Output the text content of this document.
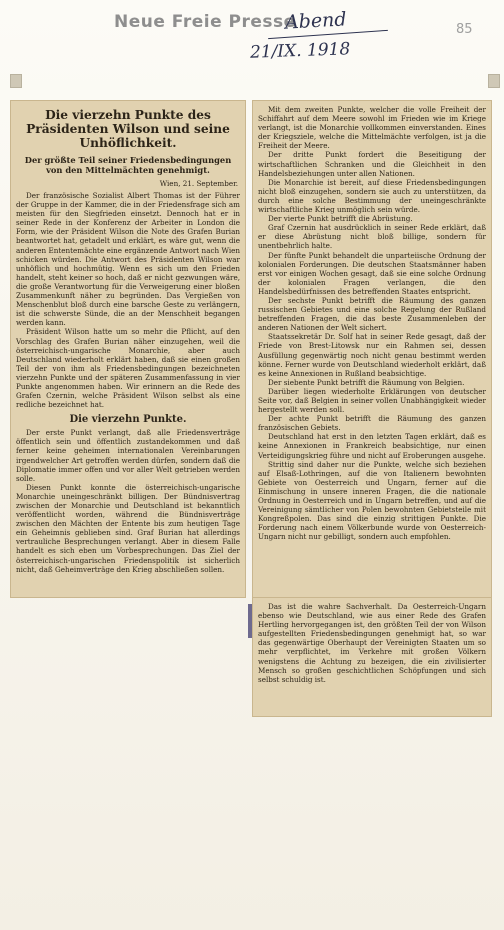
Neue Freie Presse
Abend
21/IX. 1918
85
Die vierzehn Punkte des Präsidenten Wilson und seine Unhöflichkeit.
Der größte Teil seiner Friedensbedingungen von den Mittelmächten genehmigt.
Wien, 21. September.

Der französische Sozialist Albert Thomas ist der Führer der Gruppe in der Kammer, die in der Friedensfrage sich am meisten für den Siegfrieden einsetzt. Dennoch hat er in seiner Rede in der Konferenz der Arbeiter in London die Form, wie der Präsident Wilson die Note des Grafen Burian beantwortet hat, getadelt und erklärt, es wäre gut, wenn die anderen Ententemächte eine ergänzende Antwort nach Wien schicken würden. Die Antwort des Präsidenten Wilson war unhöflich und hochmütig. Wenn es sich um den Frieden handelt, steht keiner so hoch, daß er nicht gezwungen wäre, die große Verantwortung für die Verweigerung einer bloßen Zusammenkunft näher zu begründen. Das Vergießen von Menschenblut bloß durch eine barsche Geste zu verlängern, ist die schwerste Sünde, die an der Menschheit begangen werden kann.

Präsident Wilson hatte um so mehr die Pflicht, auf den Vorschlag des Grafen Burian näher einzugehen, weil die österreichisch-ungarische Monarchie, aber auch Deutschland wiederholt erklärt haben, daß sie einen großen Teil der von ihm als Friedensbedingungen bezeichneten vierzehn Punkte und der späteren Zusammenfassung in vier Punkte angenommen haben. Wir erinnern an die Rede des Grafen Czernin, welche Präsident Wilson selbst als eine redliche bezeichnet hat.

Die vierzehn Punkte.

Der erste Punkt verlangt, daß alle Friedensverträge öffentlich sein und öffentlich zustandekommen und daß ferner keine geheimen internationalen Vereinbarungen irgendwelcher Art getroffen werden dürfen, sondern daß die Diplomatie immer offen und vor aller Welt getrieben werden solle.

Diesen Punkt konnte die österreichisch-ungarische Monarchie uneingeschränkt billigen. Der Bündnisvertrag zwischen der Monarchie und Deutschland ist bekanntlich veröffentlicht worden, während die Bündnisverträge zwischen den Mächten der Entente bis zum heutigen Tage ein Geheimnis geblieben sind. Graf Burian hat allerdings vertrauliche Besprechungen verlangt. Aber in diesem Falle handelt es sich eben um Vorbesprechungen. Das Ziel der österreichisch-ungarischen Friedenspolitik ist sicherlich nicht, daß Geheimverträge den Krieg abschließen sollen.

Mit dem zweiten Punkte, welcher die volle Freiheit der Schiffahrt auf dem Meere sowohl im Frieden wie im Kriege verlangt, ist die Monarchie vollkommen einverstanden. Eines der Kriegsziele, welche die Mittelmächte verfolgen, ist ja die Freiheit der Meere.

Der dritte Punkt fordert die Beseitigung der wirtschaftlichen Schranken und die Gleichheit in den Handelsbeziehungen unter allen Nationen.

Die Monarchie ist bereit, auf diese Friedensbedingungen nicht bloß einzugehen, sondern sie auch zu unterstützen, da durch eine solche Bestimmung der uneingeschränkte wirtschaftliche Krieg unmöglich sein würde.

Der vierte Punkt betrifft die Abrüstung.

Graf Czernin hat ausdrücklich in seiner Rede erklärt, daß er diese Abrüstung nicht bloß billige, sondern für unentbehrlich halte.

Der fünfte Punkt behandelt die unparteiische Ordnung der kolonialen Forderungen. Die deutschen Staatsmänner haben erst vor einigen Wochen gesagt, daß sie eine solche Ordnung der kolonialen Fragen verlangen, die den Handelsbedürfnissen des betreffenden Staates entspricht.

Der sechste Punkt betrifft die Räumung des ganzen russischen Gebietes und eine solche Regelung der Rußland betreffenden Fragen, die das beste Zusammenleben der anderen Nationen der Welt sichert.

Staatssekretär Dr. Solf hat in seiner Rede gesagt, daß der Friede von Brest-Litowsk nur ein Rahmen sei, dessen Ausfüllung gegenwärtig noch nicht genau bestimmt werden könne. Ferner wurde von Deutschland wiederholt erklärt, daß es keine Annexionen in Rußland beabsichtige.

Der siebente Punkt betrifft die Räumung von Belgien.

Darüber liegen wiederholte Erklärungen von deutscher Seite vor, daß Belgien in seiner vollen Unabhängigkeit wieder hergestellt werden soll.

Der achte Punkt betrifft die Räumung des ganzen französischen Gebiets.

Deutschland hat erst in den letzten Tagen erklärt, daß es keine Annexionen in Frankreich beabsichtige, nur einen Verteidigungskrieg führe und nicht auf Eroberungen ausgehe.

Strittig sind daher nur die Punkte, welche sich beziehen auf Elsaß-Lothringen, auf die von Italienern bewohnten Gebiete von Oesterreich und Ungarn, ferner auf die Einmischung in unsere inneren Fragen, die die nationale Ordnung in Oesterreich und in Ungarn betreffen, und auf die Vereinigung sämtlicher von Polen bewohnten Gebietsteile mit Kongreßpolen. Das sind die einzig strittigen Punkte. Die Forderung nach einem Völkerbunde wurde von Oesterreich-Ungarn nicht nur gebilligt, sondern auch empfohlen.

Das ist die wahre Sachverhalt. Da Oesterreich-Ungarn ebenso wie Deutschland, wie aus einer Rede des Grafen Hertling hervorgegangen ist, den größten Teil der von Wilson aufgestellten Friedensbedingungen genehmigt hat, so war das gegenwärtige Oberhaupt der Vereinigten Staaten um so mehr verpflichtet, im Verkehre mit großen Völkern wenigstens die Achtung zu bezeigen, die ein zivilisierter Mensch so großen geschichtlichen Schöpfungen und sich selbst schuldig ist.
